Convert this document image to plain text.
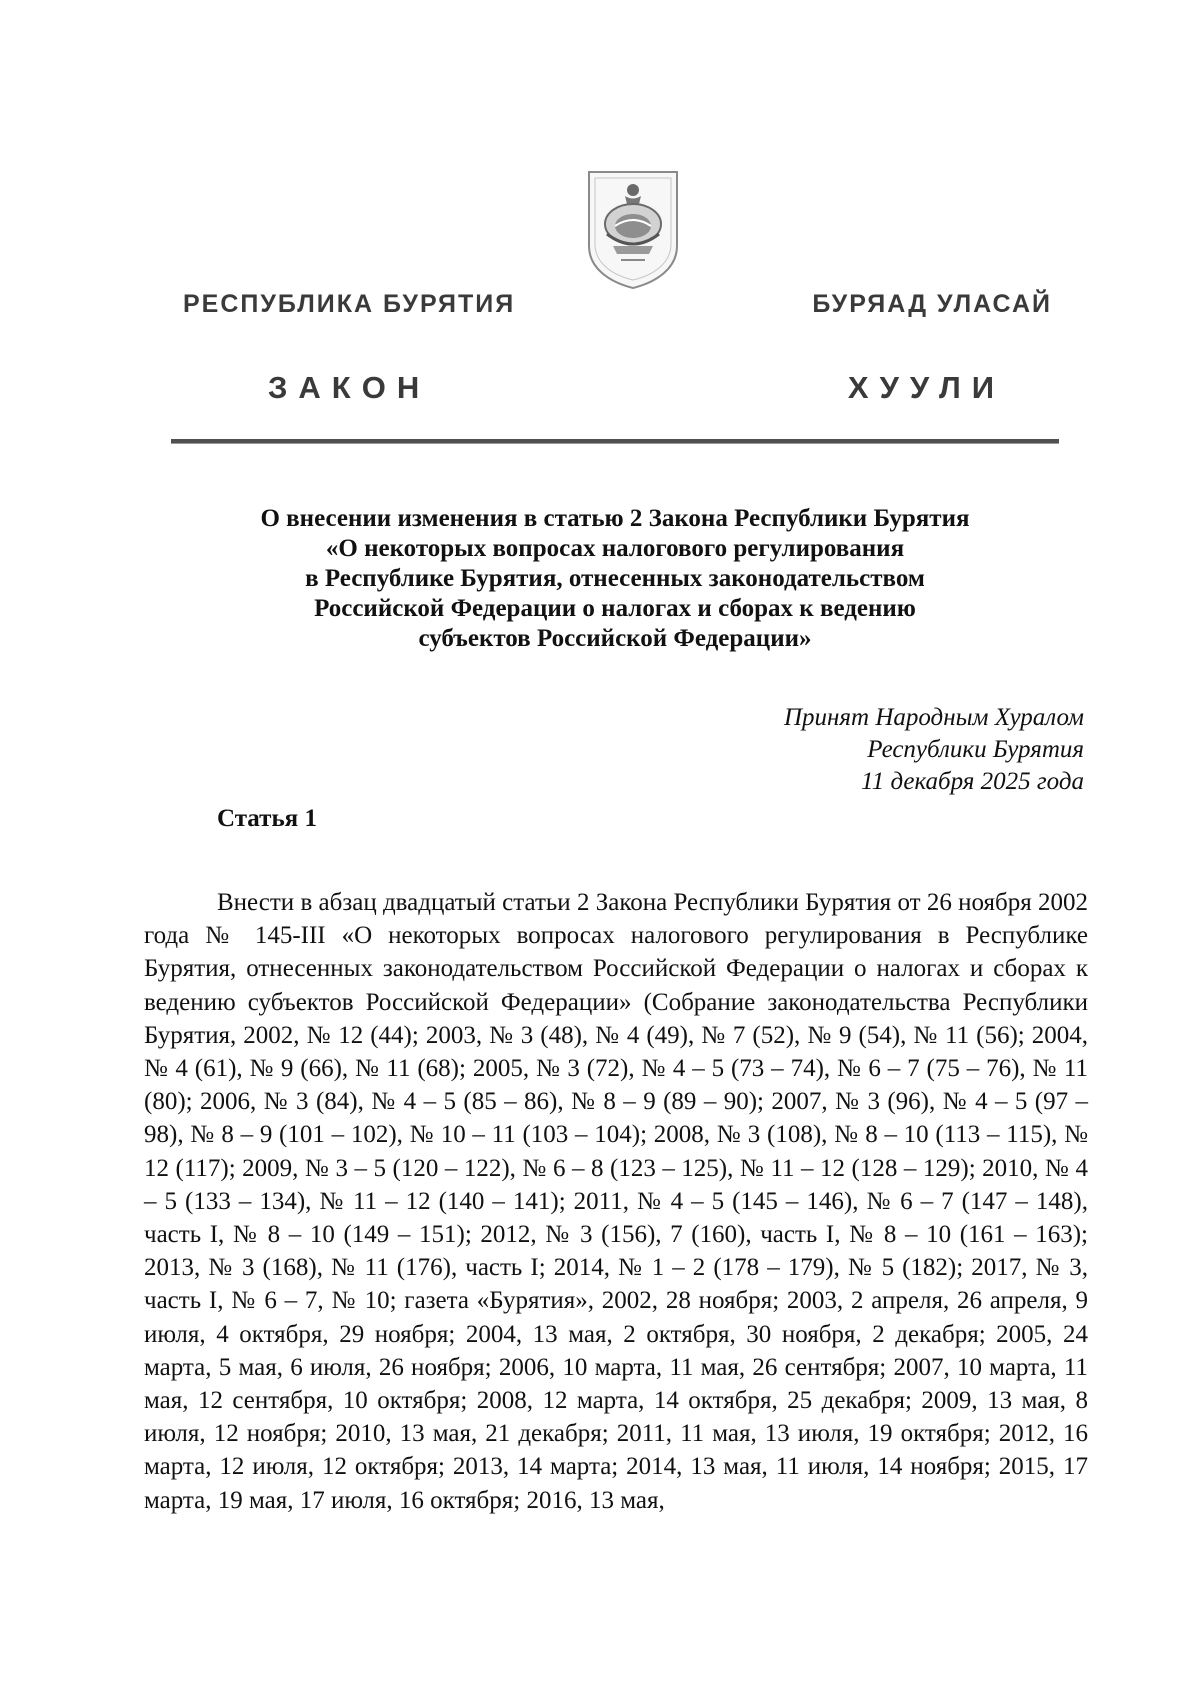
РЕСПУБЛИКА БУРЯТИЯ	БУРЯАД УЛАСАЙ
ЗАКОН	ХУУЛИ
О внесении изменения в статью 2 Закона Республики Бурятия
«О некоторых вопросах налогового регулирования
в Республике Бурятия, отнесенных законодательством
Российской Федерации о налогах и сборах к ведению
субъектов Российской Федерации»
Принят Народным Хуралом
Республики Бурятия
11 декабря 2025 года
Статья 1

Внести в абзац двадцатый статьи 2 Закона Республики Бурятия от 26 ноября 2002 года № 145-III «О некоторых вопросах налогового регулирования в Республике Бурятия, отнесенных законодательством Российской Федерации о налогах и сборах к ведению субъектов Российской Федерации» (Собрание законодательства Республики Бурятия, 2002, № 12 (44); 2003, № 3 (48), № 4 (49), № 7 (52), № 9 (54), № 11 (56); 2004, № 4 (61), № 9 (66), № 11 (68); 2005, № 3 (72), № 4 – 5 (73 – 74), № 6 – 7 (75 – 76), № 11 (80); 2006, № 3 (84), № 4 – 5 (85 – 86), № 8 – 9 (89 – 90); 2007, № 3 (96), № 4 – 5 (97 – 98), № 8 – 9 (101 – 102), № 10 – 11 (103 – 104); 2008, № 3 (108), № 8 – 10 (113 – 115), № 12 (117); 2009, № 3 – 5 (120 – 122), № 6 – 8 (123 – 125), № 11 – 12 (128 – 129); 2010, № 4 – 5 (133 – 134), № 11 – 12 (140 – 141); 2011, № 4 – 5 (145 – 146), № 6 – 7 (147 – 148), часть I, № 8 – 10 (149 – 151); 2012, № 3 (156), 7 (160), часть I, № 8 – 10 (161 – 163); 2013, № 3 (168), № 11 (176), часть I; 2014, № 1 – 2 (178 – 179), № 5 (182); 2017, № 3, часть I, № 6 – 7, № 10; газета «Бурятия», 2002, 28 ноября; 2003, 2 апреля, 26 апреля, 9 июля, 4 октября, 29 ноября; 2004, 13 мая, 2 октября, 30 ноября, 2 декабря; 2005, 24 марта, 5 мая, 6 июля, 26 ноября; 2006, 10 марта, 11 мая, 26 сентября; 2007, 10 марта, 11 мая, 12 сентября, 10 октября; 2008, 12 марта, 14 октября, 25 декабря; 2009, 13 мая, 8 июля, 12 ноября; 2010, 13 мая, 21 декабря; 2011, 11 мая, 13 июля, 19 октября; 2012, 16 марта, 12 июля, 12 октября; 2013, 14 марта; 2014, 13 мая, 11 июля, 14 ноября; 2015, 17 марта, 19 мая, 17 июля, 16 октября; 2016, 13 мая,
